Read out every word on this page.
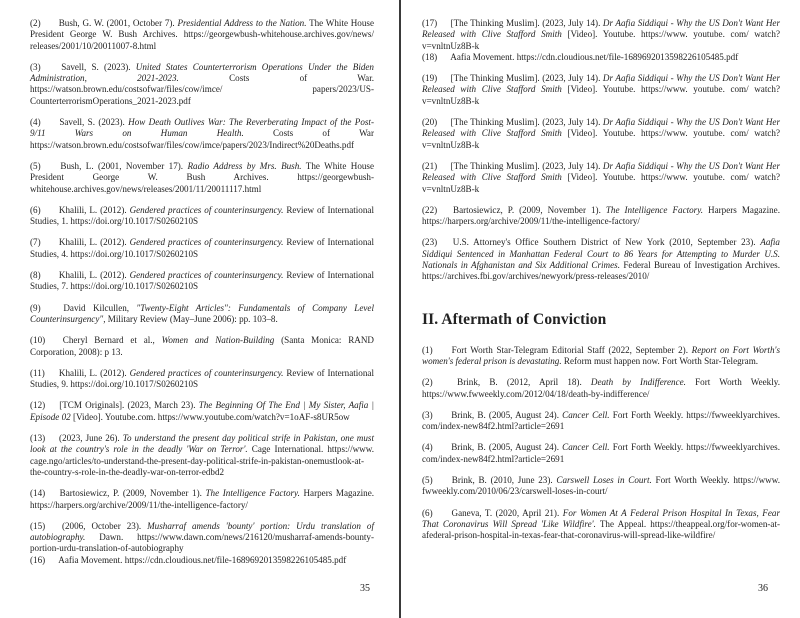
(2) Bush, G. W. (2001, October 7). Presidential Address to the Nation. The White House President George W. Bush Archives. https://georgewbush-whitehouse.archives.gov/news/ releases/2001/10/20011007-8.html

(3) Savell, S. (2023). United States Counterterrorism Operations Under the Biden Administration, 2021-2023.	Costs of War. https://watson.brown.edu/costsofwar/files/cow/imce/ papers/2023/US-CounterterrorismOperations_2021-2023.pdf

(4) Savell, S. (2023). How Death Outlives War: The Reverberating Impact of the Post-9/11 Wars on Human Health.	Costs of War https://watson.brown.edu/costsofwar/files/cow/imce/papers/2023/Indirect%20Deaths.pdf

(5) Bush, L. (2001, November 17). Radio Address by Mrs. Bush. The White House President George W. Bush Archives. https://georgewbush-whitehouse.archives.gov/news/releases/2001/11/20011117.html

(6) Khalili, L. (2012). Gendered practices of counterinsurgency. Review of International Studies, 1. https://doi.org/10.1017/S0260210S

(7) Khalili, L. (2012). Gendered practices of counterinsurgency. Review of International Studies, 4. https://doi.org/10.1017/S0260210S

(8) Khalili, L. (2012). Gendered practices of counterinsurgency. Review of International Studies, 7. https://doi.org/10.1017/S0260210S

(9)	David Kilcullen, "Twenty-Eight Articles": Fundamentals of Company Level Counterinsurgency", Military Review (May–June 2006): pp. 103–8.

(10) Cheryl Bernard et al., Women and Nation-Building (Santa Monica: RAND Corporation, 2008): p 13.

(11) Khalili, L. (2012). Gendered practices of counterinsurgency. Review of International Studies, 9. https://doi.org/10.1017/S0260210S

(12) [TCM Originals]. (2023, March 23). The Beginning Of The End | My Sister, Aafia | Episode 02 [Video]. Youtube.com. https://www.youtube.com/watch?v=1oAF-s8UR5ow

(13) (2023, June 26). To understand the present day political strife in Pakistan, one must look at the country's role in the deadly 'War on Terror'. Cage International. https://www. cage.ngo/articles/to-understand-the-present-day-political-strife-in-pakistan-onemustlook-at-the-country-s-role-in-the-deadly-war-on-terror-edbd2

(14) Bartosiewicz, P. (2009, November 1). The Intelligence Factory. Harpers Magazine. https://harpers.org/archive/2009/11/the-intelligence-factory/

(15) (2006, October 23). Musharraf amends 'bounty' portion: Urdu translation of autobiography. Dawn. https://www.dawn.com/news/216120/musharraf-amends-bounty-portion-urdu-translation-of-autobiography

(16) Aafia Movement. https://cdn.cloudious.net/file-1689692013598226105485.pdf

35

(17) [The Thinking Muslim]. (2023, July 14). Dr Aafia Siddiqui - Why the US Don't Want Her Released with Clive Stafford Smith [Video]. Youtube. https://www. youtube. com/ watch?v=vnltnUz8B-k

(18) Aafia Movement. https://cdn.cloudious.net/file-1689692013598226105485.pdf

(19) [The Thinking Muslim]. (2023, July 14). Dr Aafia Siddiqui - Why the US Don't Want Her Released with Clive Stafford Smith [Video]. Youtube. https://www. youtube. com/ watch?v=vnltnUz8B-k

(20) [The Thinking Muslim]. (2023, July 14). Dr Aafia Siddiqui - Why the US Don't Want Her Released with Clive Stafford Smith [Video]. Youtube. https://www. youtube. com/ watch?v=vnltnUz8B-k

(21) [The Thinking Muslim]. (2023, July 14). Dr Aafia Siddiqui - Why the US Don't Want Her Released with Clive Stafford Smith [Video]. Youtube. https://www. youtube. com/ watch?v=vnltnUz8B-k

(22) Bartosiewicz, P. (2009, November 1). The Intelligence Factory. Harpers Magazine. https://harpers.org/archive/2009/11/the-intelligence-factory/

(23) U.S. Attorney's Office Southern District of New York (2010, September 23). Aafia Siddiqui Sentenced in Manhattan Federal Court to 86 Years for Attempting to Murder U.S. Nationals in Afghanistan and Six Additional Crimes. Federal Bureau of Investigation Archives. https://archives.fbi.gov/archives/newyork/press-releases/2010/

II. Aftermath of Conviction

(1) Fort Worth Star-Telegram Editorial Staff (2022, September 2). Report on Fort Worth's women's federal prison is devastating. Reform must happen now. Fort Worth Star-Telegram.

(2)	Brink, B. (2012, April 18). Death by Indifference. Fort Worth Weekly. https://www.fwweekly.com/2012/04/18/death-by-indifference/

(3) Brink, B. (2005, August 24). Cancer Cell. Fort Forth Weekly. https://fwweeklyarchives. com/index-new84f2.html?article=2691

(4) Brink, B. (2005, August 24). Cancer Cell. Fort Forth Weekly. https://fwweeklyarchives. com/index-new84f2.html?article=2691

(5) Brink, B. (2010, June 23). Carswell Loses in Court. Fort Worth Weekly. https://www. fwweekly.com/2010/06/23/carswell-loses-in-court/

(6) Ganeva, T. (2020, April 21). For Women At A Federal Prison Hospital In Texas, Fear That Coronavirus Will Spread 'Like Wildfire'. The Appeal. https://theappeal.org/for-women-at-afederal-prison-hospital-in-texas-fear-that-coronavirus-will-spread-like-wildfire/

36
